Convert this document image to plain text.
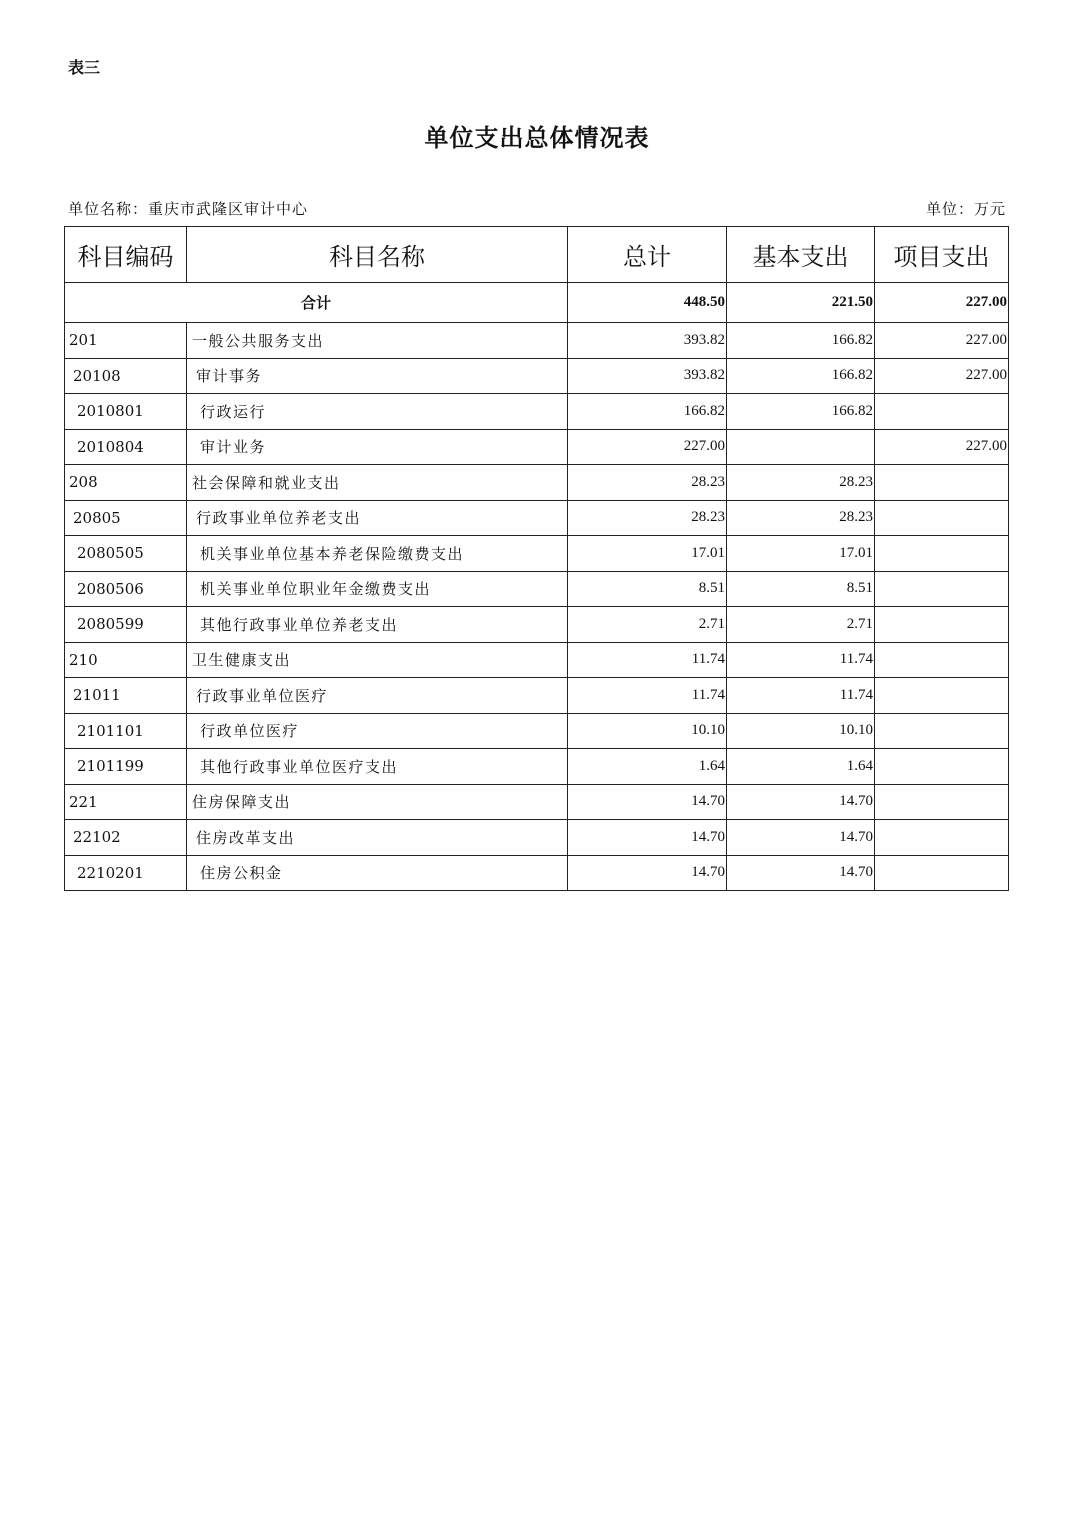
表三
单位支出总体情况表
单位名称：重庆市武隆区审计中心	单位：万元
科目编码	科目名称	总计	基本支出	项目支出
合计		448.50	221.50	227.00
201	一般公共服务支出	393.82	166.82	227.00
20108	审计事务	393.82	166.82	227.00
2010801	行政运行	166.82	166.82	
2010804	审计业务	227.00		227.00
208	社会保障和就业支出	28.23	28.23	
20805	行政事业单位养老支出	28.23	28.23	
2080505	机关事业单位基本养老保险缴费支出	17.01	17.01	
2080506	机关事业单位职业年金缴费支出	8.51	8.51	
2080599	其他行政事业单位养老支出	2.71	2.71	
210	卫生健康支出	11.74	11.74	
21011	行政事业单位医疗	11.74	11.74	
2101101	行政单位医疗	10.10	10.10	
2101199	其他行政事业单位医疗支出	1.64	1.64	
221	住房保障支出	14.70	14.70	
22102	住房改革支出	14.70	14.70	
2210201	住房公积金	14.70	14.70	
